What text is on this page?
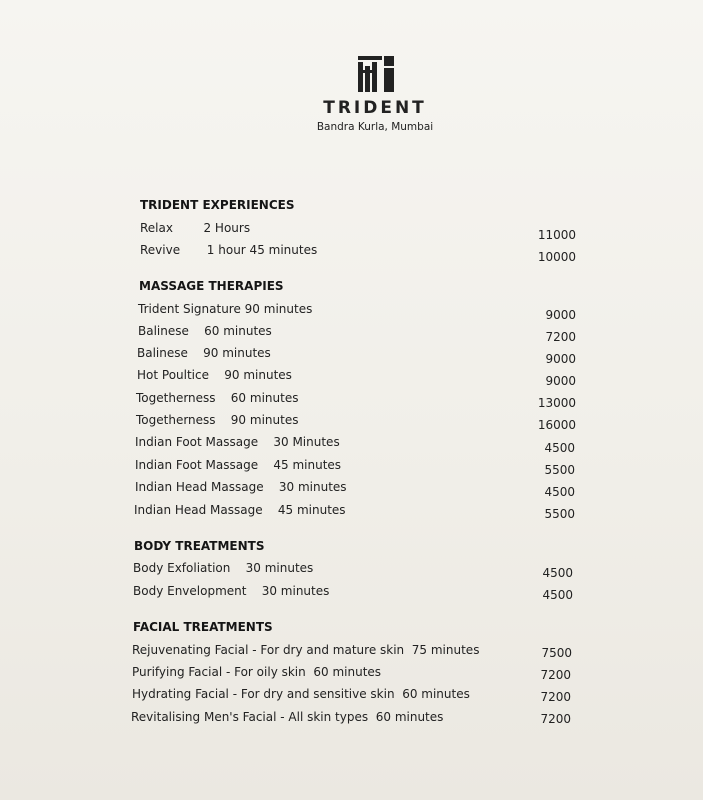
TRIDENT
Bandra Kurla, Mumbai
TRIDENT EXPERIENCES
Relax        2 Hours	11000
Revive       1 hour 45 minutes	10000
MASSAGE THERAPIES
Trident Signature 90 minutes	9000
Balinese    60 minutes	7200
Balinese    90 minutes	9000
Hot Poultice    90 minutes	9000
Togetherness    60 minutes	13000
Togetherness    90 minutes	16000
Indian Foot Massage    30 Minutes	4500
Indian Foot Massage    45 minutes	5500
Indian Head Massage    30 minutes	4500
Indian Head Massage    45 minutes	5500
BODY TREATMENTS
Body Exfoliation    30 minutes	4500
Body Envelopment    30 minutes	4500
FACIAL TREATMENTS
Rejuvenating Facial - For dry and mature skin  75 minutes	7500
Purifying Facial - For oily skin  60 minutes	7200
Hydrating Facial - For dry and sensitive skin  60 minutes	7200
Revitalising Men's Facial - All skin types  60 minutes	7200
